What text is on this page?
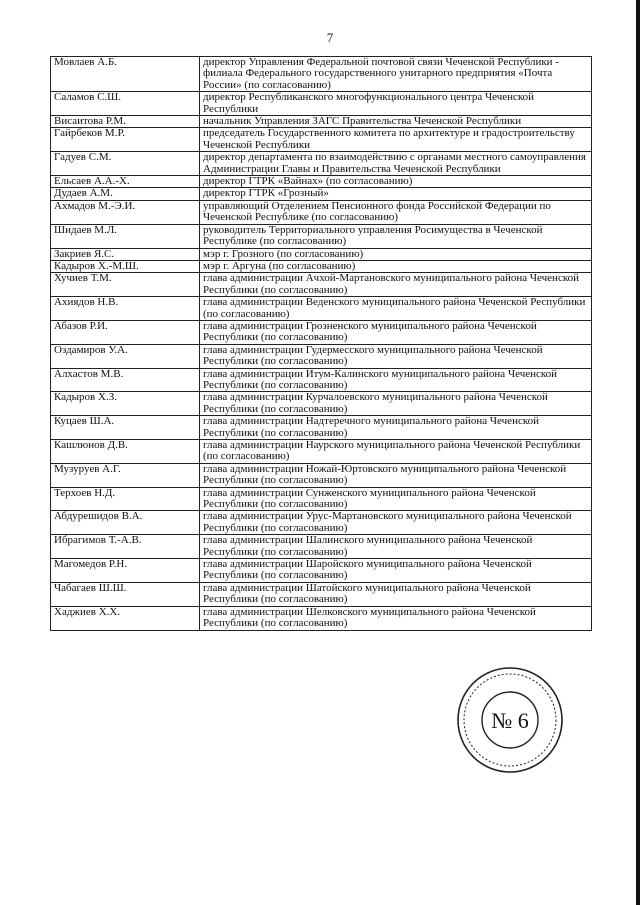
7
Мовлаев А.Б.	директор Управления Федеральной почтовой связи Чеченской Республики - филиала Федерального государственного унитарного предприятия «Почта России» (по согласованию)
Саламов С.Ш.	директор Республиканского многофункционального центра Чеченской Республики
Висаитова Р.М.	начальник Управления ЗАГС Правительства Чеченской Республики
Гайрбеков М.Р.	председатель Государственного комитета по архитектуре и градостроительству Чеченской Республики
Гадуев С.М.	директор департамента по взаимодействию с органами местного самоуправления Администрации Главы и Правительства Чеченской Республики
Ельсаев А.А.-Х.	директор ГТРК «Вайнах» (по согласованию)
Дудаев А.М.	директор ГТРК «Грозный»
Ахмадов М.-Э.И.	управляющий Отделением Пенсионного фонда Российской Федерации по Чеченской Республике (по согласованию)
Шидаев М.Л.	руководитель Территориального управления Росимущества в Чеченской Республике (по согласованию)
Закриев Я.С.	мэр г. Грозного (по согласованию)
Кадыров Х.-М.Ш.	мэр г. Аргуна (по согласованию)
Хучиев Т.М.	глава администрации Ачхой-Мартановского муниципального района Чеченской Республики (по согласованию)
Ахиядов Н.В.	глава администрации Веденского муниципального района Чеченской Республики (по согласованию)
Абазов Р.И.	глава администрации Грозненского муниципального района Чеченской Республики (по согласованию)
Оздамиров У.А.	глава администрации Гудермесского муниципального района Чеченской Республики (по согласованию)
Алхастов М.В.	глава администрации Итум-Калинского муниципального района Чеченской Республики (по согласованию)
Кадыров Х.З.	глава администрации Курчалоевского муниципального района Чеченской Республики (по согласованию)
Куцаев Ш.А.	глава администрации Надтеречного муниципального района Чеченской Республики (по согласованию)
Кашлюнов Д.В.	глава администрации Наурского муниципального района Чеченской Республики (по согласованию)
Музуруев А.Г.	глава администрации Ножай-Юртовского муниципального района Чеченской Республики (по согласованию)
Терхоев Н.Д.	глава администрации Сунженского муниципального района Чеченской Республики (по согласованию)
Абдурешидов В.А.	глава администрации Урус-Мартановского муниципального района Чеченской Республики (по согласованию)
Ибрагимов Т.-А.В.	глава администрации Шалинского муниципального района Чеченской Республики (по согласованию)
Магомедов Р.Н.	глава администрации Шаройского муниципального района Чеченской Республики (по согласованию)
Чабагаев Ш.Ш.	глава администрации Шатойского муниципального района Чеченской Республики (по согласованию)
Хаджиев Х.Х.	глава администрации Шелковского муниципального района Чеченской Республики (по согласованию)
№ 6
